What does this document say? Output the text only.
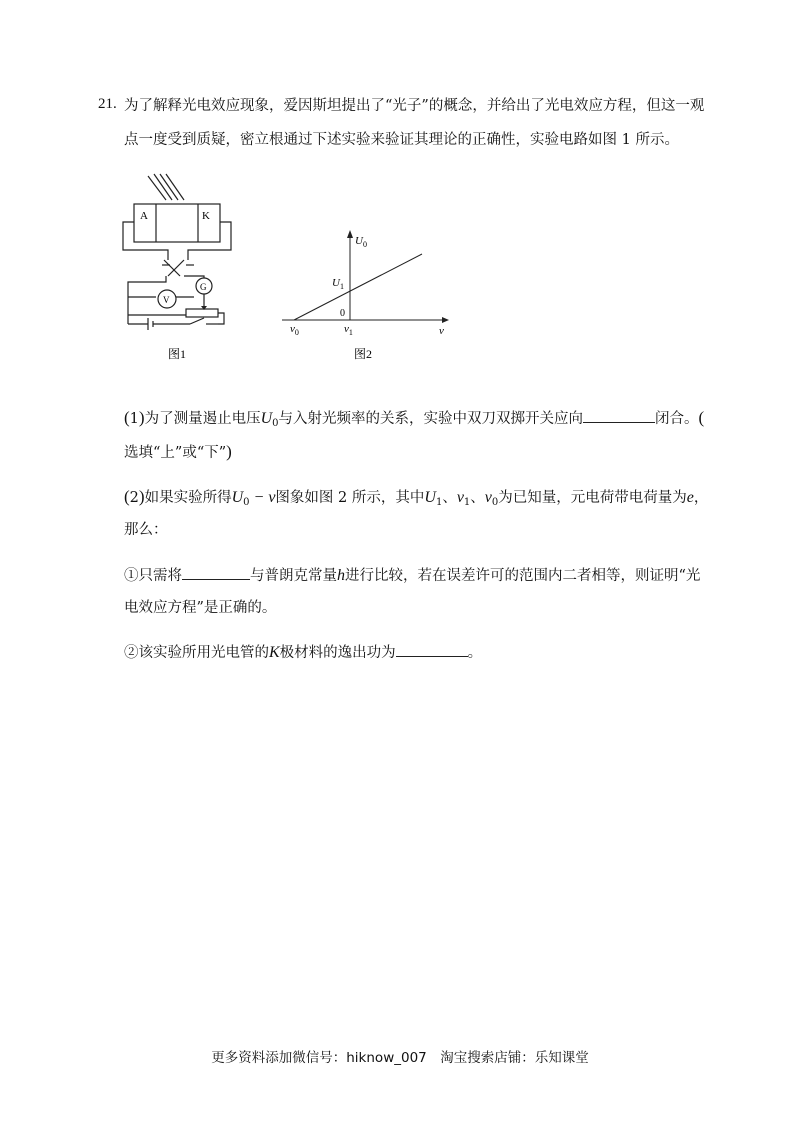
21. 为了解释光电效应现象，爱因斯坦提出了“光子”的概念，并给出了光电效应方程，但这一观
点一度受到质疑，密立根通过下述实验来验证其理论的正确性，实验电路如图 1 所示。
A	K
V
G
图1
$U_0$
$U_1$
0
$\nu_0$	$\nu_1$	ν
图2
(1)为了测量遏止电压$U_0$与入射光频率的关系，实验中双刀双掷开关应向	闭合。(
选填“上”或“下”)
(2)如果实验所得$U_0 - \nu$图象如图 2 所示，其中$U_1$、$\nu_1$、$\nu_0$为已知量，元电荷带电荷量为e，
那么：
①只需将	与普朗克常量h进行比较，若在误差许可的范围内二者相等，则证明“光
电效应方程”是正确的。
②该实验所用光电管的K极材料的逸出功为	。
更多资料添加微信号：hiknow_007　淘宝搜索店铺：乐知课堂
